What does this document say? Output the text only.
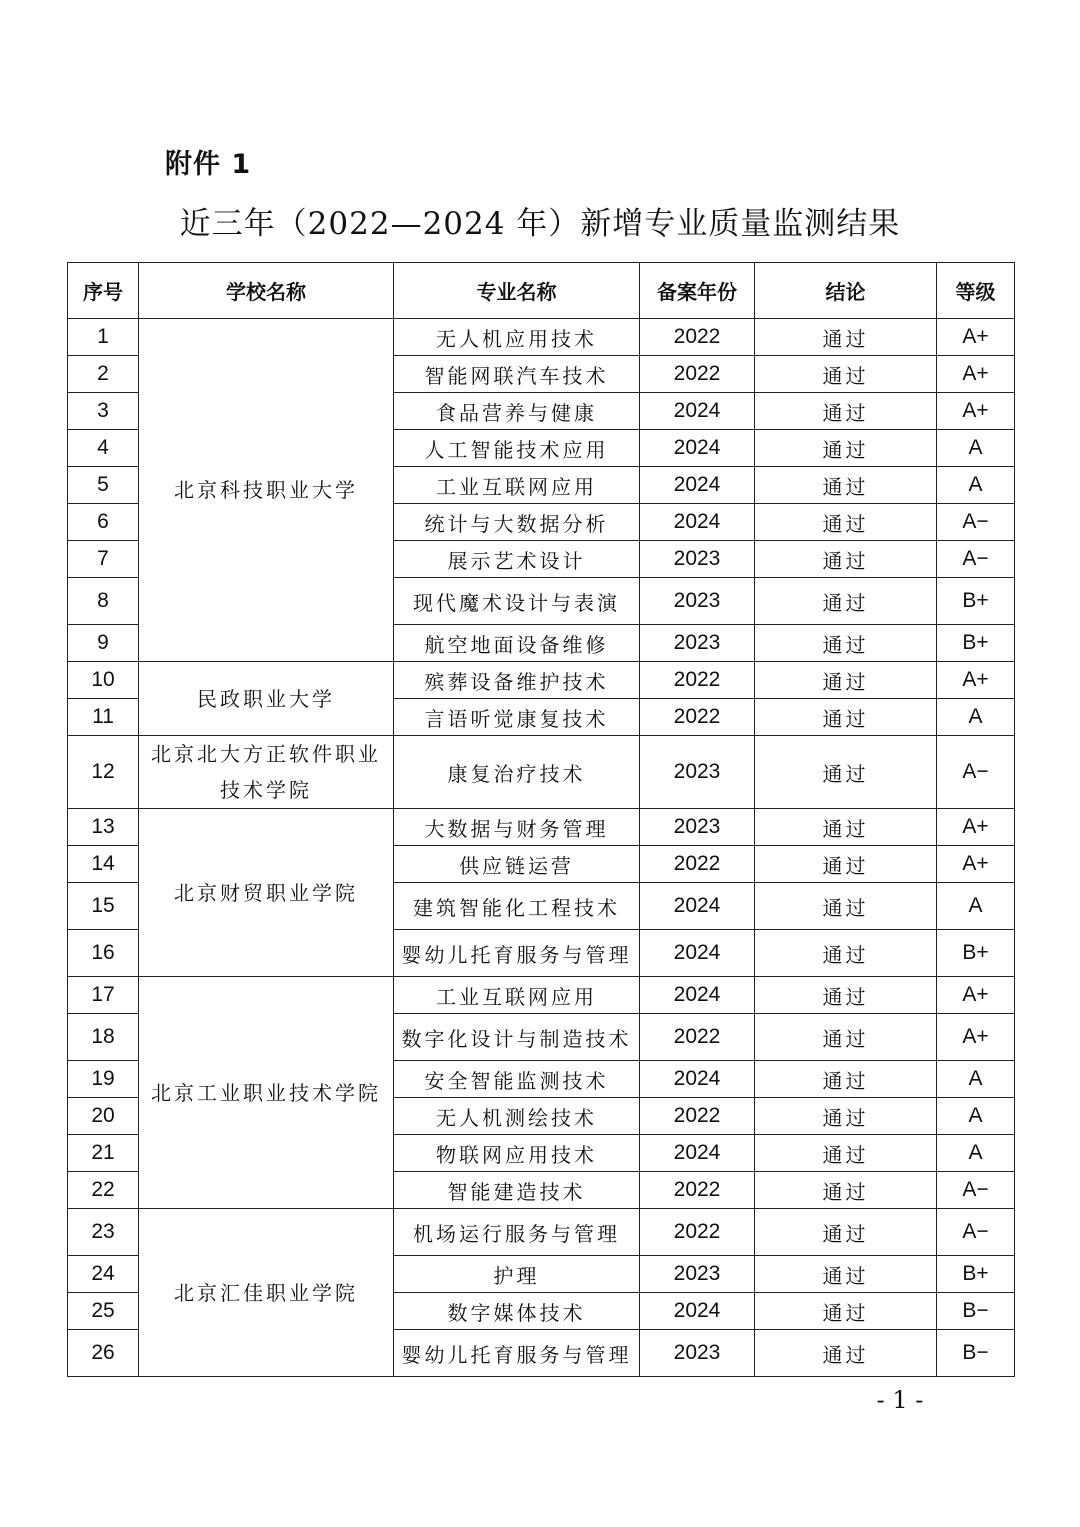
附件 1
近三年（2022—2024 年）新增专业质量监测结果
序号	学校名称	专业名称	备案年份	结论	等级
1	北京科技职业大学	无人机应用技术	2022	通过	A+
2		智能网联汽车技术	2022	通过	A+
3		食品营养与健康	2024	通过	A+
4		人工智能技术应用	2024	通过	A
5		工业互联网应用	2024	通过	A
6		统计与大数据分析	2024	通过	A−
7		展示艺术设计	2023	通过	A−
8		现代魔术设计与表演	2023	通过	B+
9		航空地面设备维修	2023	通过	B+
10	民政职业大学	殡葬设备维护技术	2022	通过	A+
11		言语听觉康复技术	2022	通过	A
12	北京北大方正软件职业技术学院	康复治疗技术	2023	通过	A−
13	北京财贸职业学院	大数据与财务管理	2023	通过	A+
14		供应链运营	2022	通过	A+
15		建筑智能化工程技术	2024	通过	A
16		婴幼儿托育服务与管理	2024	通过	B+
17	北京工业职业技术学院	工业互联网应用	2024	通过	A+
18		数字化设计与制造技术	2022	通过	A+
19		安全智能监测技术	2024	通过	A
20		无人机测绘技术	2022	通过	A
21		物联网应用技术	2024	通过	A
22		智能建造技术	2022	通过	A−
23	北京汇佳职业学院	机场运行服务与管理	2022	通过	A−
24		护理	2023	通过	B+
25		数字媒体技术	2024	通过	B−
26		婴幼儿托育服务与管理	2023	通过	B−
- 1 -
